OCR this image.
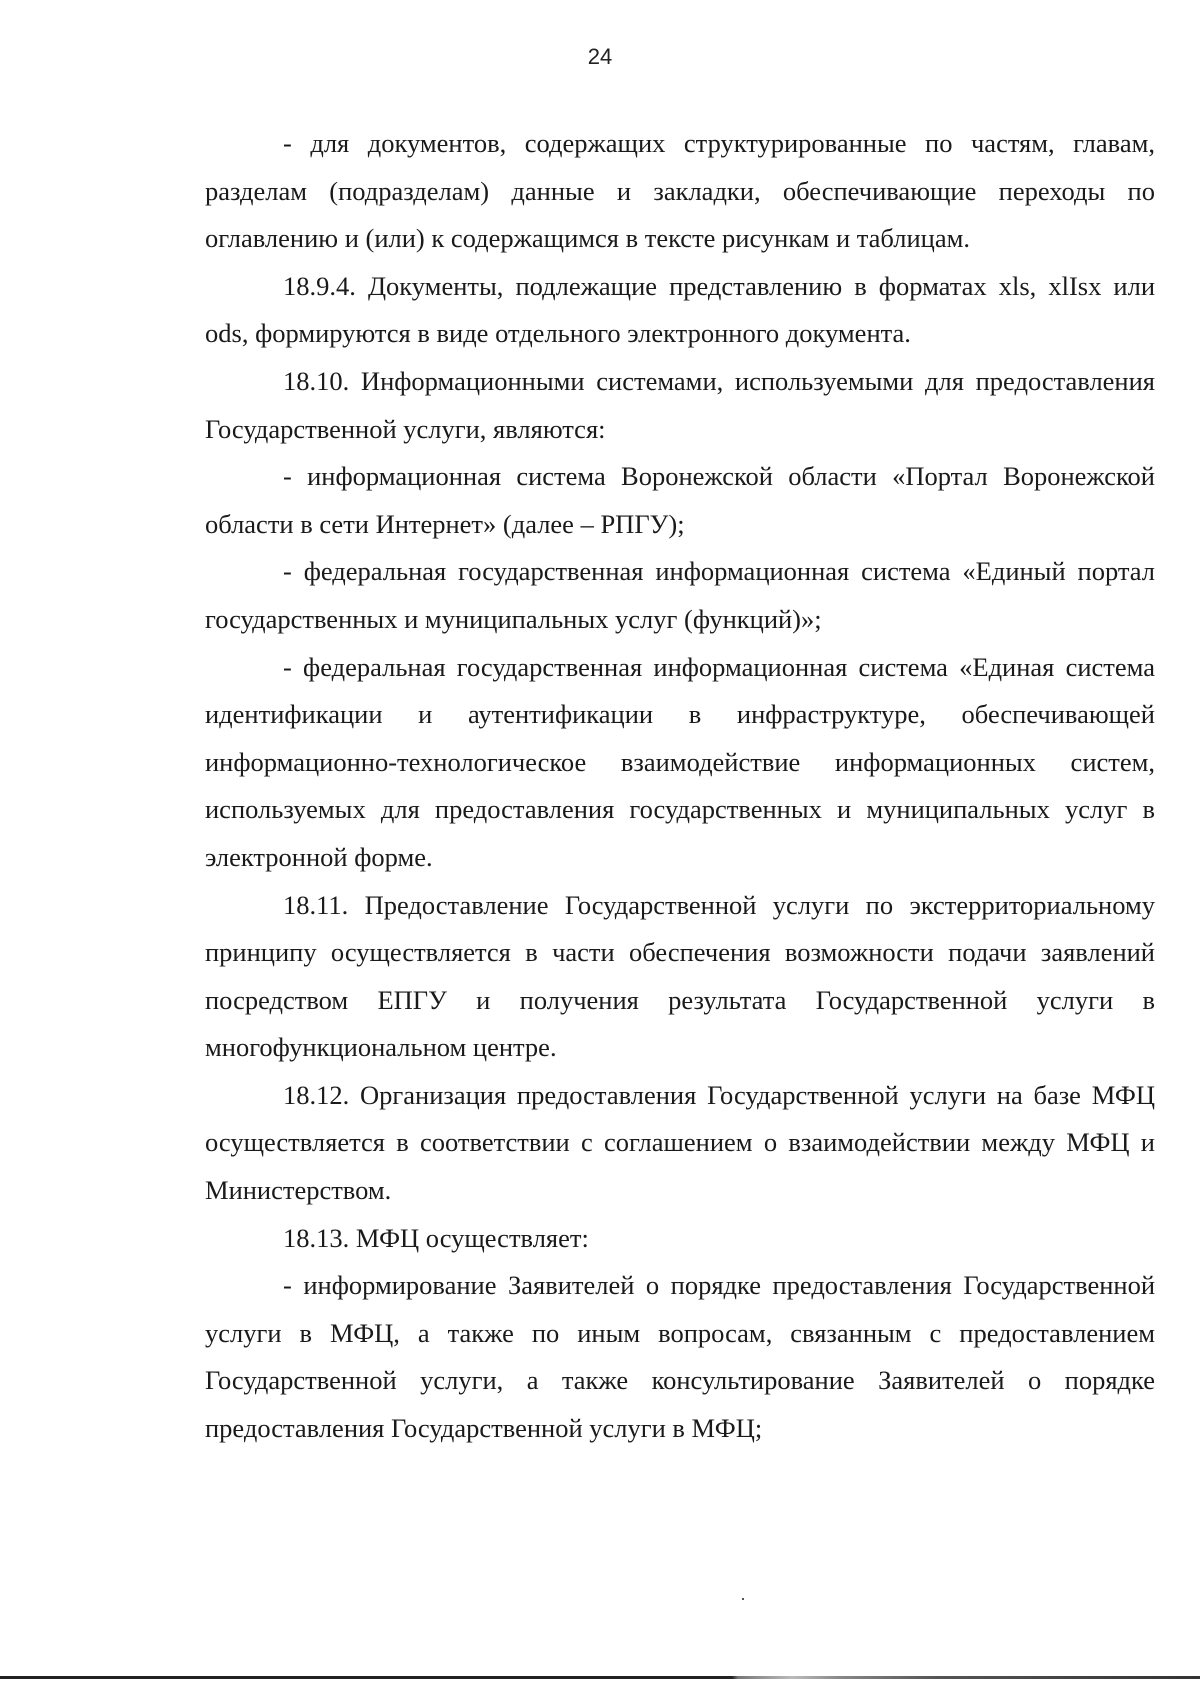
24

- для документов, содержащих структурированные по частям, главам, разделам (подразделам) данные и закладки, обеспечивающие переходы по оглавлению и (или) к содержащимся в тексте рисункам и таблицам.

18.9.4. Документы, подлежащие представлению в форматах xls, xlIsx или ods, формируются в виде отдельного электронного документа.

18.10. Информационными системами, используемыми для предоставления Государственной услуги, являются:

- информационная система Воронежской области «Портал Воронежской области в сети Интернет» (далее – РПГУ);

- федеральная государственная информационная система «Единый портал государственных и муниципальных услуг (функций)»;

- федеральная государственная информационная система «Единая система идентификации и аутентификации в инфраструктуре, обеспечивающей информационно-технологическое взаимодействие информационных систем, используемых для предоставления государственных и муниципальных услуг в электронной форме.

18.11. Предоставление Государственной услуги по экстерриториальному принципу осуществляется в части обеспечения возможности подачи заявлений посредством ЕПГУ и получения результата Государственной услуги в многофункциональном центре.

18.12. Организация предоставления Государственной услуги на базе МФЦ осуществляется в соответствии с соглашением о взаимодействии между МФЦ и Министерством.

18.13. МФЦ осуществляет:

- информирование Заявителей о порядке предоставления Государственной услуги в МФЦ, а также по иным вопросам, связанным с предоставлением Государственной услуги, а также консультирование Заявителей о порядке предоставления Государственной услуги в МФЦ;
